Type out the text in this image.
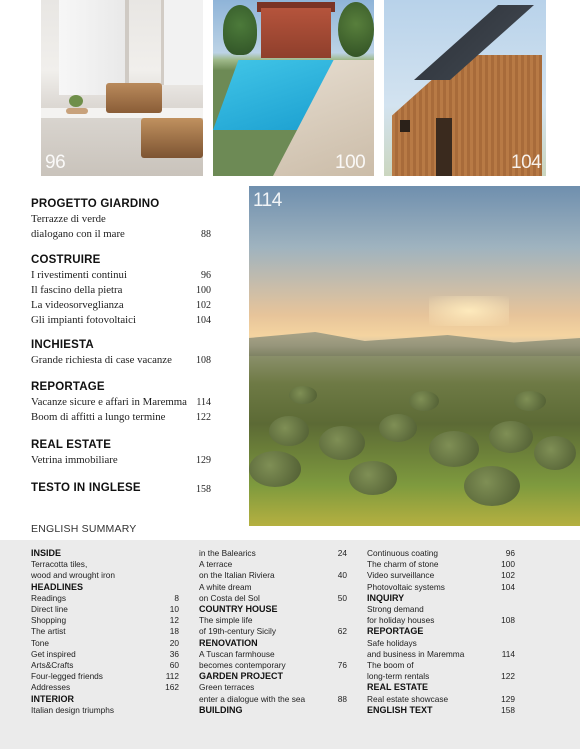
96	100	104
114
PROGETTO GIARDINO
Terrazze di verde
dialogano con il mare	88
COSTRUIRE
I rivestimenti continui	96
Il fascino della pietra	100
La videosorveglianza	102
Gli impianti fotovoltaici	104
INCHIESTA
Grande richiesta di case vacanze 108
REPORTAGE
Vacanze sicure e affari in Maremma 114
Boom di affitti a lungo termine	122
REAL ESTATE
Vetrina immobiliare	129
TESTO IN INGLESE	158
ENGLISH SUMMARY
INSIDE
Terracotta tiles,
wood and wrought iron
HEADLINES
Readings	8
Direct line	10
Shopping	12
The artist	18
Tone	20
Get inspired	36
Arts&Crafts	60
Four-legged friends	112
Addresses	162
INTERIOR
Italian design triumphs
in the Balearics	24
A terrace
on the Italian Riviera	40
A white dream
on Costa del Sol	50
COUNTRY HOUSE
The simple life
of 19th-century Sicily	62
RENOVATION
A Tuscan farmhouse
becomes contemporary	76
GARDEN PROJECT
Green terraces
enter a dialogue with the sea	88
BUILDING
Continuous coating	96
The charm of stone	100
Video surveillance	102
Photovoltaic systems	104
INQUIRY
Strong demand
for holiday houses	108
REPORTAGE
Safe holidays
and business in Maremma	114
The boom of
long-term rentals	122
REAL ESTATE
Real estate showcase	129
ENGLISH TEXT	158
